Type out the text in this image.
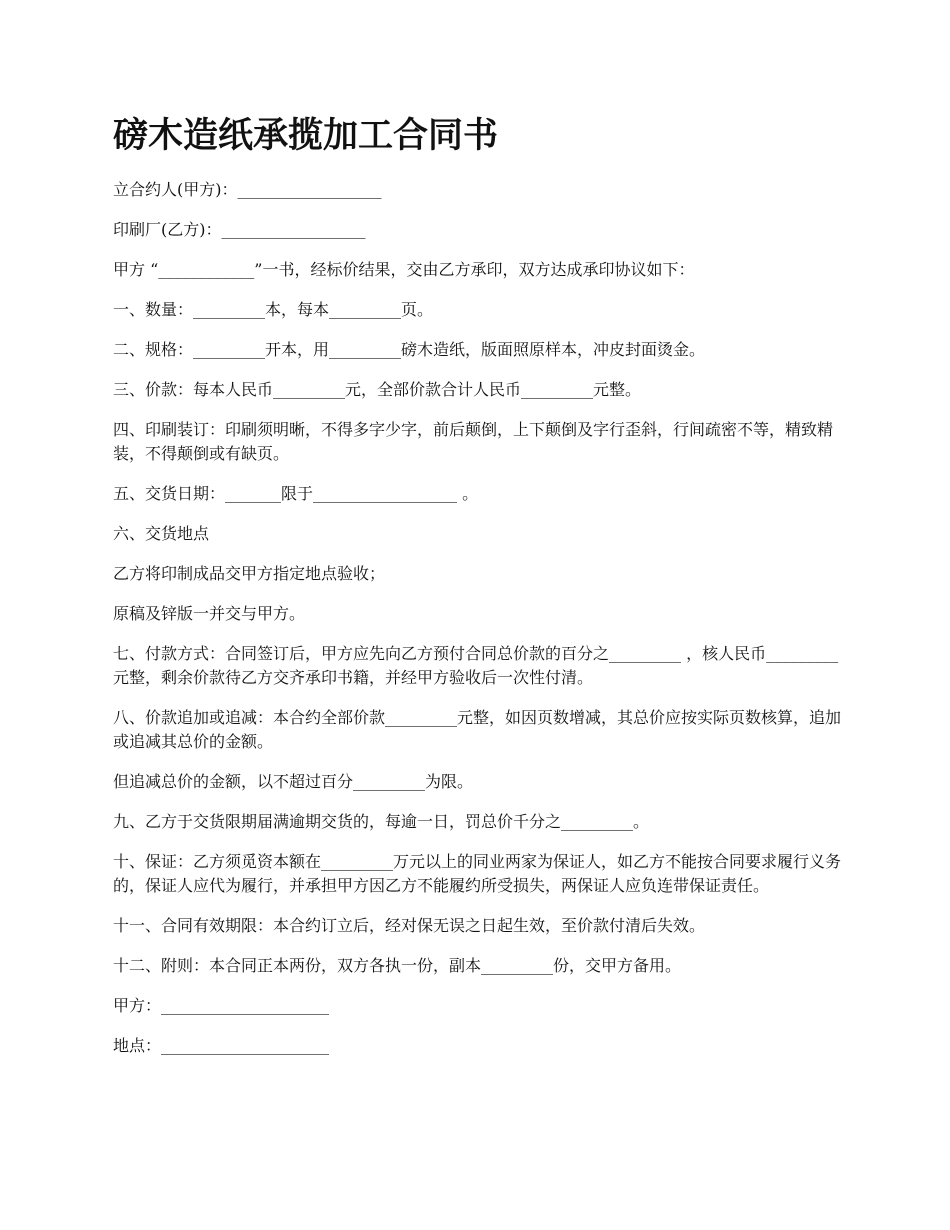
磅木造纸承揽加工合同书

立合约人(甲方)：__________________

印刷厂(乙方)：__________________

甲方 “____________”一书，经标价结果，交由乙方承印，双方达成承印协议如下：

一、数量：_________本，每本_________页。

二、规格：_________开本，用_________磅木造纸，版面照原样本，冲皮封面烫金。

三、价款：每本人民币_________元，全部价款合计人民币_________元整。

四、印刷装订：印刷须明晰，不得多字少字，前后颠倒，上下颠倒及字行歪斜，行间疏密不等，精致精装，不得颠倒或有缺页。

五、交货日期：_______限于__________________ 。

六、交货地点

乙方将印制成品交甲方指定地点验收；

原稿及锌版一并交与甲方。

七、付款方式：合同签订后，甲方应先向乙方预付合同总价款的百分之_________ ，核人民币_________元整，剩余价款待乙方交齐承印书籍，并经甲方验收后一次性付清。

八、价款追加或追减：本合约全部价款_________元整，如因页数增减，其总价应按实际页数核算，追加或追减其总价的金额。

但追减总价的金额，以不超过百分_________为限。

九、乙方于交货限期届满逾期交货的，每逾一日，罚总价千分之_________。

十、保证：乙方须觅资本额在_________万元以上的同业两家为保证人，如乙方不能按合同要求履行义务的，保证人应代为履行，并承担甲方因乙方不能履约所受损失，两保证人应负连带保证责任。

十一、合同有效期限：本合约订立后，经对保无误之日起生效，至价款付清后失效。

十二、附则：本合同正本两份，双方各执一份，副本_________份，交甲方备用。

甲方：_____________________

地点：_____________________
